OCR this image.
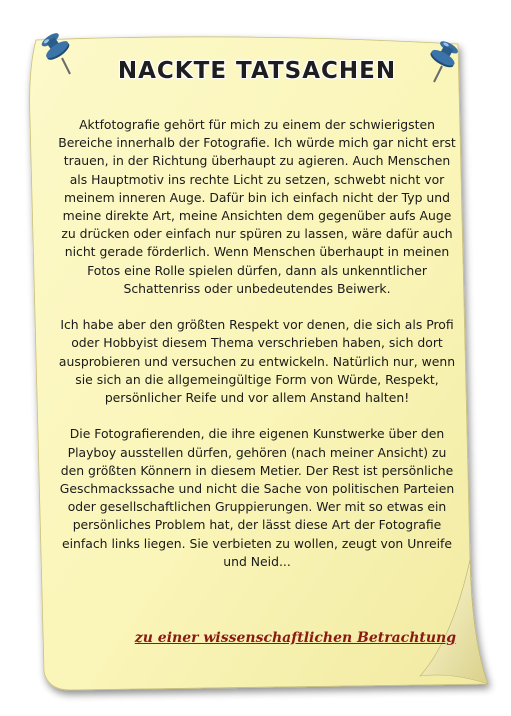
NACKTE TATSACHEN

Aktfotografie gehört für mich zu einem der schwierigsten Bereiche innerhalb der Fotografie. Ich würde mich gar nicht erst trauen, in der Richtung überhaupt zu agieren. Auch Menschen als Hauptmotiv ins rechte Licht zu setzen, schwebt nicht vor meinem inneren Auge. Dafür bin ich einfach nicht der Typ und meine direkte Art, meine Ansichten dem gegenüber aufs Auge zu drücken oder einfach nur spüren zu lassen, wäre dafür auch nicht gerade förderlich. Wenn Menschen überhaupt in meinen Fotos eine Rolle spielen dürfen, dann als unkenntlicher Schattenriss oder unbedeutendes Beiwerk.

Ich habe aber den größten Respekt vor denen, die sich als Profi oder Hobbyist diesem Thema verschrieben haben, sich dort ausprobieren und versuchen zu entwickeln. Natürlich nur, wenn sie sich an die allgemeingültige Form von Würde, Respekt, persönlicher Reife und vor allem Anstand halten!

Die Fotografierenden, die ihre eigenen Kunstwerke über den Playboy ausstellen dürfen, gehören (nach meiner Ansicht) zu den größten Könnern in diesem Metier. Der Rest ist persönliche Geschmackssache und nicht die Sache von politischen Parteien oder gesellschaftlichen Gruppierungen. Wer mit so etwas ein persönliches Problem hat, der lässt diese Art der Fotografie einfach links liegen. Sie verbieten zu wollen, zeugt von Unreife und Neid...

zu einer wissenschaftlichen Betrachtung
